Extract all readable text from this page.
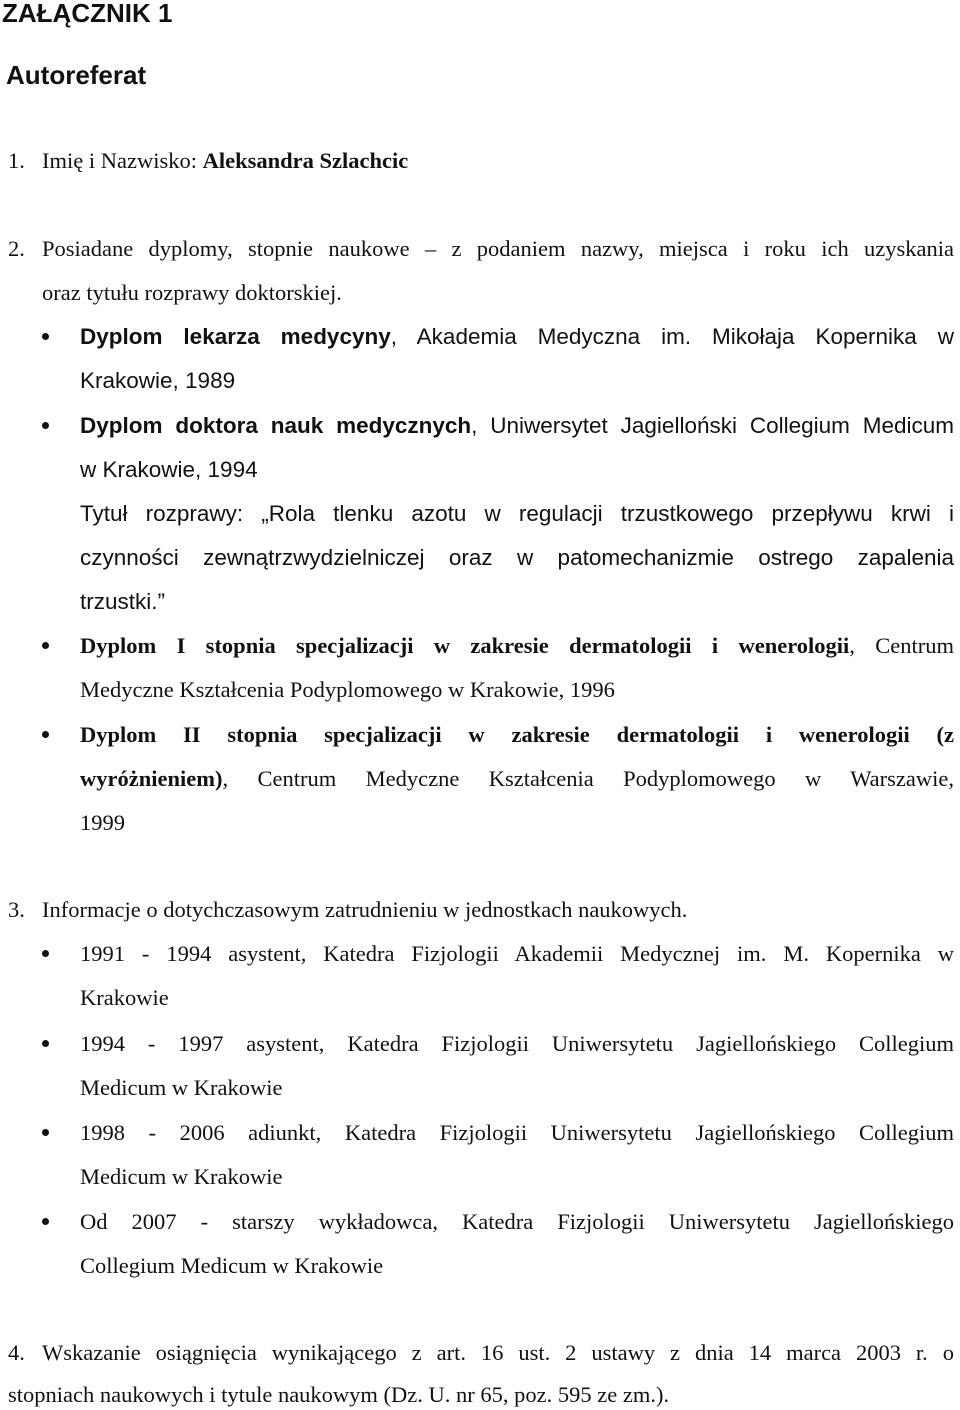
ZAŁĄCZNIK 1
Autoreferat
1. Imię i Nazwisko: Aleksandra Szlachcic
2. Posiadane dyplomy, stopnie naukowe – z podaniem nazwy, miejsca i roku ich uzyskania
oraz tytułu rozprawy doktorskiej.
Dyplom lekarza medycyny, Akademia Medyczna im. Mikołaja Kopernika w
Krakowie, 1989
Dyplom doktora nauk medycznych, Uniwersytet Jagielloński Collegium Medicum
w Krakowie, 1994
Tytuł rozprawy: „Rola tlenku azotu w regulacji trzustkowego przepływu krwi i
czynności zewnątrzwydzielniczej oraz w patomechanizmie ostrego zapalenia
trzustki.”
Dyplom I stopnia specjalizacji w zakresie dermatologii i wenerologii, Centrum
Medyczne Kształcenia Podyplomowego w Krakowie, 1996
Dyplom II stopnia specjalizacji w zakresie dermatologii i wenerologii (z
wyróżnieniem), Centrum Medyczne Kształcenia Podyplomowego w Warszawie,
1999
3. Informacje o dotychczasowym zatrudnieniu w jednostkach naukowych.
1991 - 1994 asystent, Katedra Fizjologii Akademii Medycznej im. M. Kopernika w
Krakowie
1994 - 1997 asystent, Katedra Fizjologii Uniwersytetu Jagiellońskiego Collegium
Medicum w Krakowie
1998 - 2006 adiunkt, Katedra Fizjologii Uniwersytetu Jagiellońskiego Collegium
Medicum w Krakowie
Od 2007 - starszy wykładowca, Katedra Fizjologii Uniwersytetu Jagiellońskiego
Collegium Medicum w Krakowie
4. Wskazanie osiągnięcia wynikającego z art. 16 ust. 2 ustawy z dnia 14 marca 2003 r. o
stopniach naukowych i tytule naukowym (Dz. U. nr 65, poz. 595 ze zm.).
